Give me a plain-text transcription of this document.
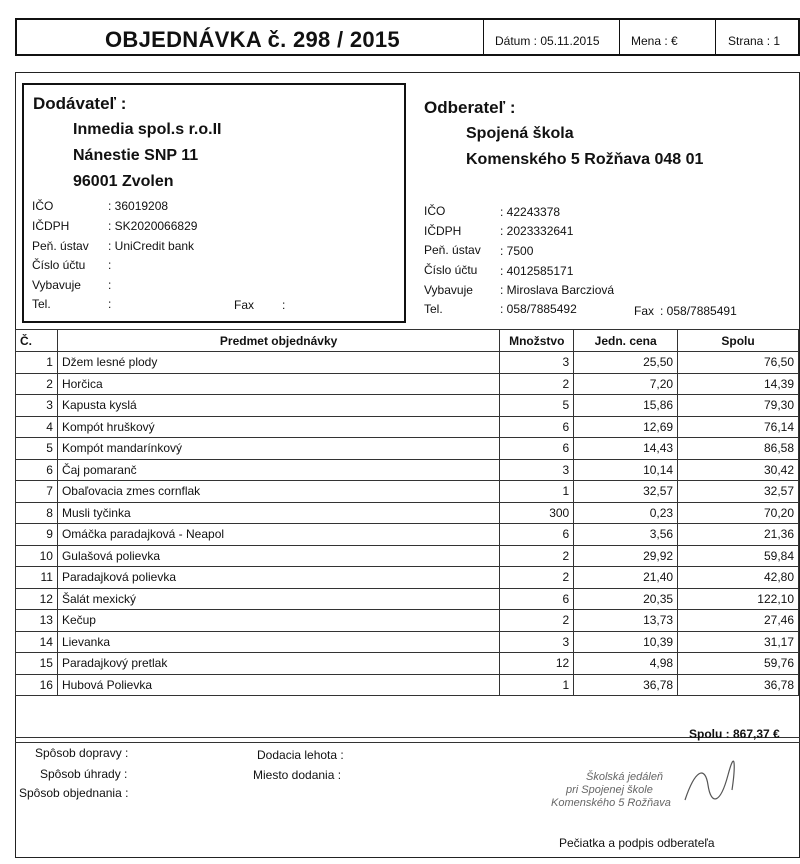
OBJEDNÁVKA č. 298 / 2015	Dátum : 05.11.2015	Mena : €	Strana : 1
Dodávateľ :
Inmedia spol.s r.o.II
Nánestie SNP 11
96001 Zvolen
IČO	: 36019208
IČDPH	: SK2020066829
Peň. ústav : UniCredit bank
Číslo účtu :
Vybavuje :
Tel.	:	Fax :
Odberateľ :
Spojená škola
Komenského 5 Rožňava 048 01
IČO	: 42243378
IČDPH	: 2023332641
Peň. ústav : 7500
Číslo účtu : 4012585171
Vybavuje : Miroslava Barcziová
Tel.	: 058/7885492	Fax : 058/7885491
Č.	Predmet objednávky	Množstvo	Jedn. cena	Spolu
1	Džem lesné plody	3	25,50	76,50
2	Horčica	2	7,20	14,39
3	Kapusta kyslá	5	15,86	79,30
4	Kompót hruškový	6	12,69	76,14
5	Kompót mandarínkový	6	14,43	86,58
6	Čaj pomaranč	3	10,14	30,42
7	Obaľovacia zmes cornflak	1	32,57	32,57
8	Musli tyčinka	300	0,23	70,20
9	Omáčka paradajková - Neapol	6	3,56	21,36
10	Gulašová polievka	2	29,92	59,84
11	Paradajková polievka	2	21,40	42,80
12	Šalát mexický	6	20,35	122,10
13	Kečup	2	13,73	27,46
14	Lievanka	3	10,39	31,17
15	Paradajkový pretlak	12	4,98	59,76
16	Hubová Polievka	1	36,78	36,78
Spolu : 867,37 €
Spôsob dopravy :
Spôsob úhrady :
Spôsob objednania :
Dodacia lehota :
Miesto dodania :	Školská jedáleň
pri Spojenej škole
Komenského 5 Rožňava
Pečiatka a podpis odberateľa
